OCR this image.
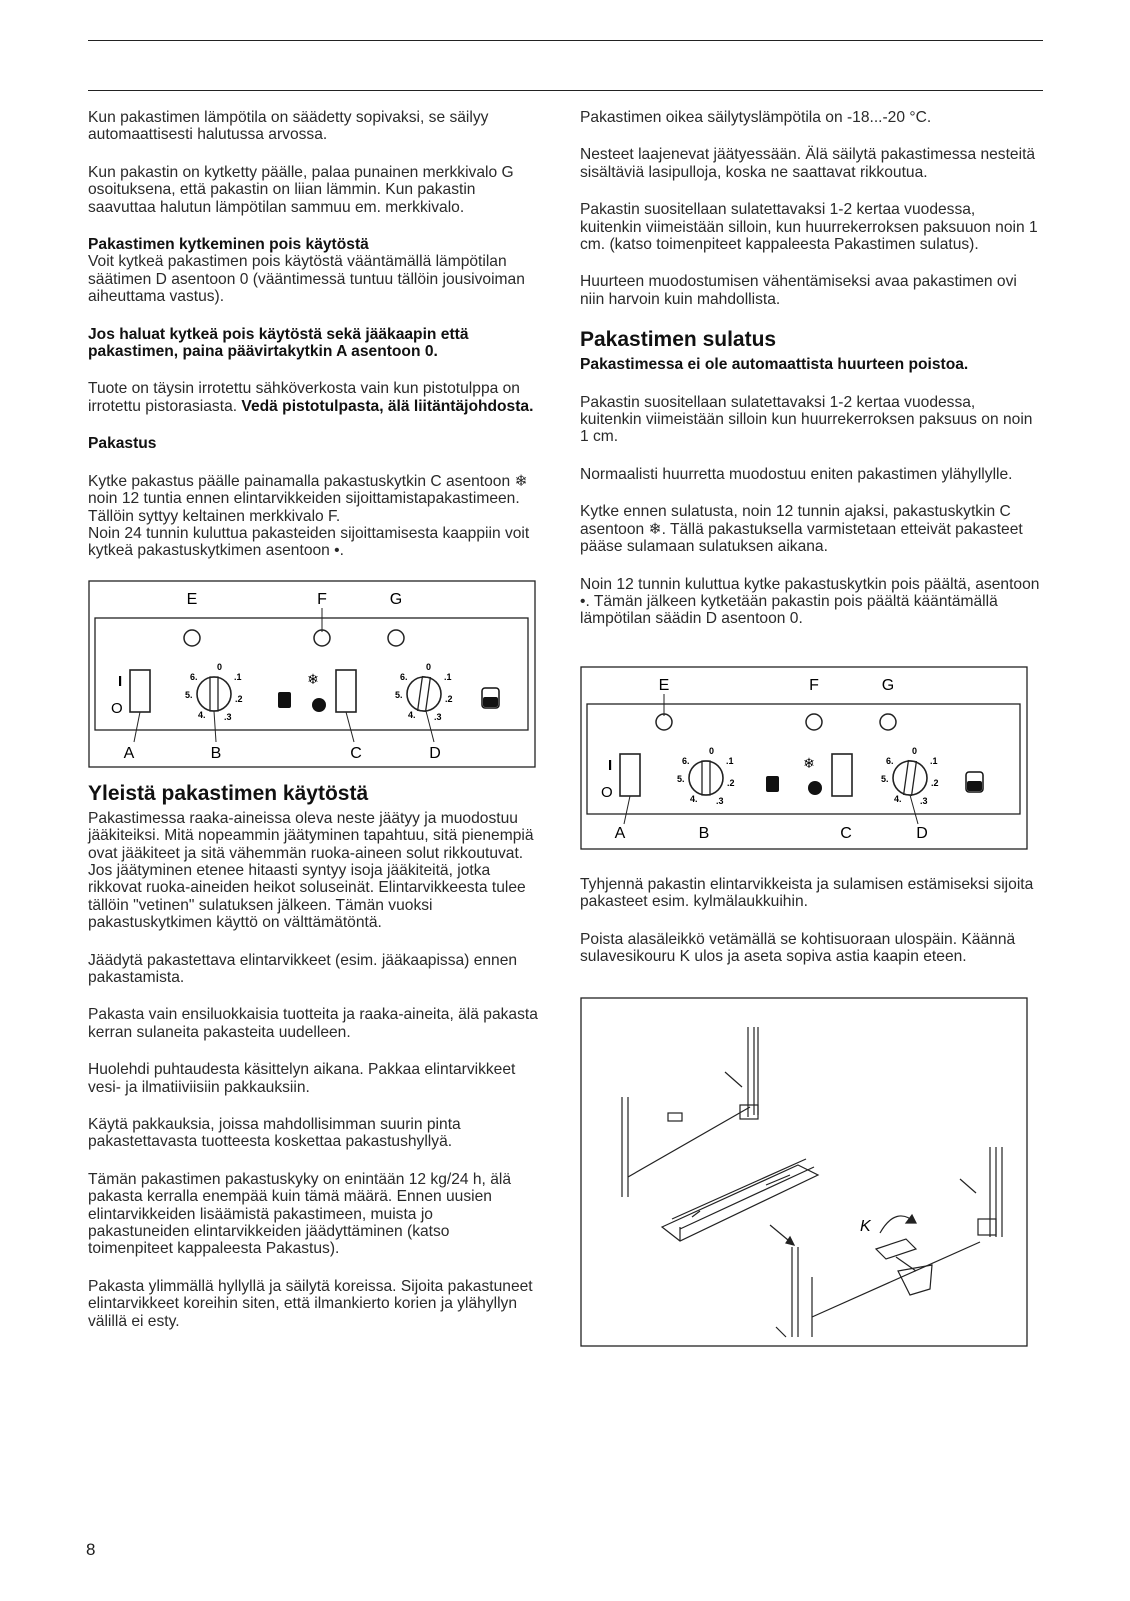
Kun pakastimen lämpötila on säädetty sopivaksi, se säilyy automaattisesti halutussa arvossa.

Kun pakastin on kytketty päälle, palaa punainen merkkivalo G osoituksena, että pakastin on liian lämmin. Kun pakastin saavuttaa halutun lämpötilan sammuu em. merkkivalo.

Pakastimen kytkeminen pois käytöstä

Voit kytkeä pakastimen pois käytöstä vääntämällä lämpötilan säätimen D asentoon 0 (vääntimessä tuntuu tällöin jousivoiman aiheuttama vastus).

Jos haluat kytkeä pois käytöstä sekä jääkaapin että pakastimen, paina päävirtakytkin A asentoon 0.

Tuote on täysin irrotettu sähköverkosta vain kun pistotulppa on irrotettu pistorasiasta. Vedä pistotulpasta, älä liitäntäjohdosta.

Pakastus

Kytke pakastus päälle painamalla pakastuskytkin C asentoon ❄ noin 12 tuntia ennen elintarvikkeiden sijoittamistapakastimeen.

Tällöin syttyy keltainen merkkivalo F.

Noin 24 tunnin kuluttua pakasteiden sijoittamisesta kaappiin voit kytkeä pakastuskytkimen asentoon •.

E	F	G
I
O
0
6.	.1
5.	.2
4. .3
❄
0
6.	.1
5.	.2
4. .3
A	B	C	D
Yleistä pakastimen käytöstä

Pakastimessa raaka-aineissa oleva neste jäätyy ja muodostuu jääkiteiksi. Mitä nopeammin jäätyminen tapahtuu, sitä pienempiä ovat jääkiteet ja sitä vähemmän ruoka-aineen solut rikkoutuvat. Jos jäätyminen etenee hitaasti syntyy isoja jääkiteitä, jotka rikkovat ruoka-aineiden heikot soluseinät. Elintarvikkeesta tulee tällöin "vetinen" sulatuksen jälkeen. Tämän vuoksi pakastuskytkimen käyttö on välttämätöntä.

Jäädytä pakastettava elintarvikkeet (esim. jääkaapissa) ennen pakastamista.

Pakasta vain ensiluokkaisia tuotteita ja raaka-aineita, älä pakasta kerran sulaneita pakasteita uudelleen.

Huolehdi puhtaudesta käsittelyn aikana. Pakkaa elintarvikkeet vesi- ja ilmatiiviisiin pakkauksiin.

Käytä pakkauksia, joissa mahdollisimman suurin pinta pakastettavasta tuotteesta koskettaa pakastushyllyä.

Tämän pakastimen pakastuskyky on enintään 12 kg/24 h, älä pakasta kerralla enempää kuin tämä määrä. Ennen uusien elintarvikkeiden lisäämistä pakastimeen, muista jo pakastuneiden elintarvikkeiden jäädyttäminen (katso toimenpiteet kappaleesta Pakastus).

Pakasta ylimmällä hyllyllä ja säilytä koreissa. Sijoita pakastuneet elintarvikkeet koreihin siten, että ilmankierto korien ja ylähyllyn välillä ei esty.

Pakastimen oikea säilytyslämpötila on -18...-20 °C.

Nesteet laajenevat jäätyessään. Älä säilytä pakastimessa nesteitä sisältäviä lasipulloja, koska ne saattavat rikkoutua.

Pakastin suositellaan sulatettavaksi 1-2 kertaa vuodessa, kuitenkin viimeistään silloin, kun huurrekerroksen paksuuon noin 1 cm. (katso toimenpiteet kappaleesta Pakastimen sulatus).

Huurteen muodostumisen vähentämiseksi avaa pakastimen ovi niin harvoin kuin mahdollista.

Pakastimen sulatus
Pakastimessa ei ole automaattista huurteen poistoa.

Pakastin suositellaan sulatettavaksi 1-2 kertaa vuodessa, kuitenkin viimeistään silloin kun huurrekerroksen paksuus on noin 1 cm.

Normaalisti huurretta muodostuu eniten pakastimen ylähyllylle.

Kytke ennen sulatusta, noin 12 tunnin ajaksi, pakastuskytkin C asentoon ❄. Tällä pakastuksella varmistetaan etteivät pakasteet pääse sulamaan sulatuksen aikana.

Noin 12 tunnin kuluttua kytke pakastuskytkin pois päältä, asentoon •. Tämän jälkeen kytketään pakastin pois päältä kääntämällä lämpötilan säädin D asentoon 0.

E	F	G
I
O
0
6.	.1
5.	.2
4. .3
❄
0
6.	.1
5.	.2
4. .3
A	B	C	D

Tyhjennä pakastin elintarvikkeista ja sulamisen estämiseksi sijoita pakasteet esim. kylmälaukkuihin.

Poista alasäleikkö vetämällä se kohtisuoraan ulospäin. Käännä sulavesikouru K ulos ja aseta sopiva astia kaapin eteen.

K
8
